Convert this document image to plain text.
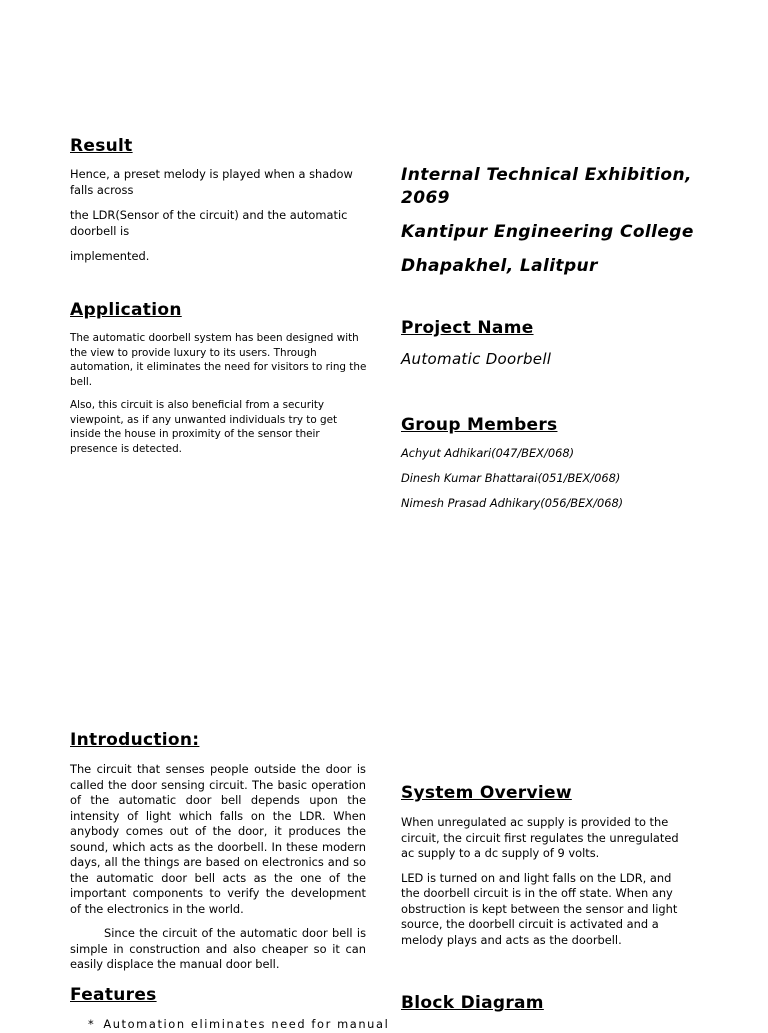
Result

Hence, a preset melody is played when a shadow falls across

the LDR(Sensor of the circuit) and the automatic doorbell is

implemented.

Application

The automatic doorbell system has been designed with the view to provide luxury to its users. Through automation, it eliminates the need for visitors to ring the bell.

Also, this circuit is also beneficial from a security viewpoint, as if any unwanted individuals try to get inside the house in proximity of the sensor their presence is detected.

Introduction:

The circuit that senses people outside the door is called the door sensing circuit. The basic operation of the automatic door bell depends upon the intensity of light which falls on the LDR. When anybody comes out of the door, it produces the sound, which acts as the doorbell. In these modern days, all the things are based on electronics and so the automatic door bell acts as the one of the important components to verify the development of the electronics in the world.

Since the circuit of the automatic door bell is simple in construction and also cheaper so it can easily displace the manual door bell.

Features
* Automation eliminates need for manual

Internal Technical Exhibition,

2069

Kantipur Engineering College

Dhapakhel, Lalitpur

Project Name

Automatic Doorbell

Group Members

Achyut Adhikari(047/BEX/068)

Dinesh Kumar Bhattarai(051/BEX/068)

Nimesh Prasad Adhikary(056/BEX/068)

System Overview

When unregulated ac supply is provided to the circuit, the circuit first regulates the unregulated ac supply to a dc supply of 9 volts.

LED is turned on and light falls on the LDR, and the doorbell circuit is in the off state. When any obstruction is kept between the sensor and light source, the doorbell circuit is activated and a melody plays and acts as the doorbell.

Block Diagram
